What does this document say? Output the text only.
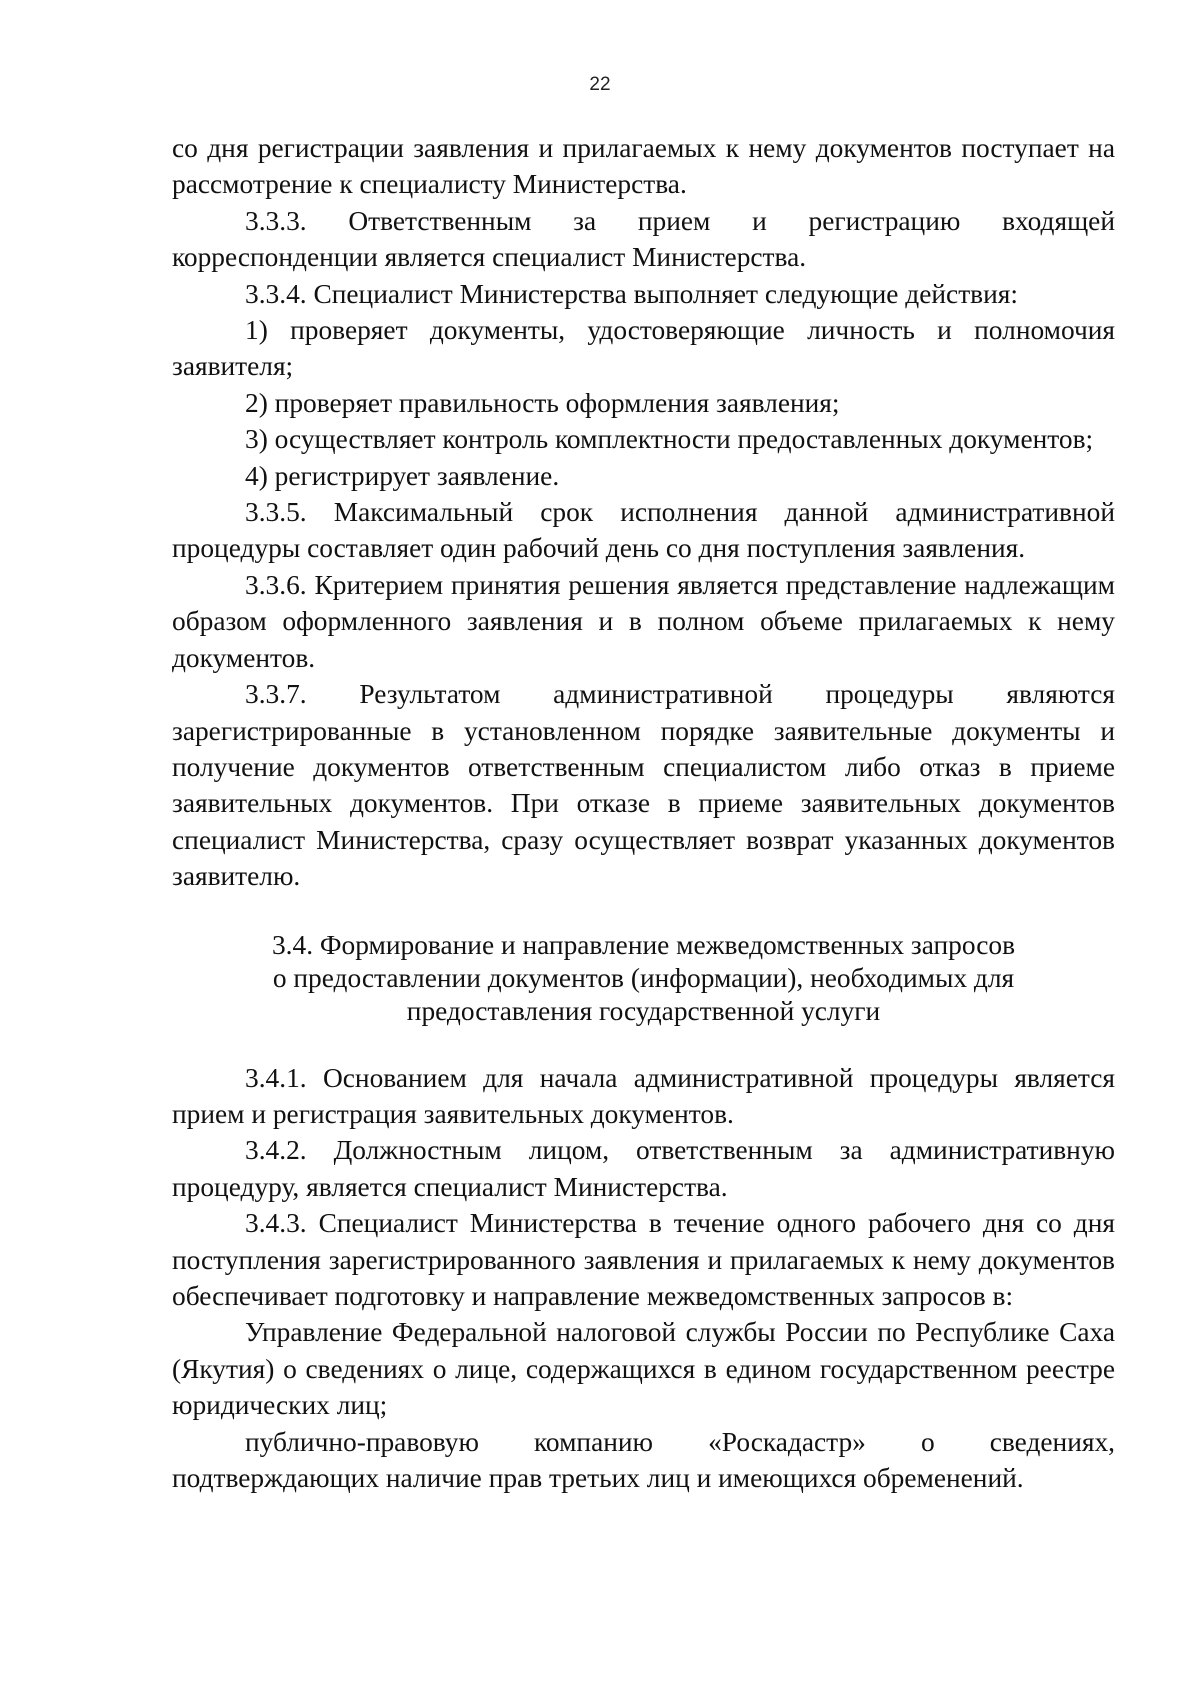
22

со дня регистрации заявления и прилагаемых к нему документов поступает на рассмотрение к специалисту Министерства.

3.3.3. Ответственным за прием и регистрацию входящей корреспонденции является специалист Министерства.

3.3.4. Специалист Министерства выполняет следующие действия:

1) проверяет документы, удостоверяющие личность и полномочия заявителя;

2) проверяет правильность оформления заявления;

3) осуществляет контроль комплектности предоставленных документов;

4) регистрирует заявление.

3.3.5. Максимальный срок исполнения данной административной процедуры составляет один рабочий день со дня поступления заявления.

3.3.6. Критерием принятия решения является представление надлежащим образом оформленного заявления и в полном объеме прилагаемых к нему документов.

3.3.7. Результатом административной процедуры являются зарегистрированные в установленном порядке заявительные документы и получение документов ответственным специалистом либо отказ в приеме заявительных документов. При отказе в приеме заявительных документов специалист Министерства, сразу осуществляет возврат указанных документов заявителю.

3.4. Формирование и направление межведомственных запросов
о предоставлении документов (информации), необходимых для
предоставления государственной услуги

3.4.1. Основанием для начала административной процедуры является прием и регистрация заявительных документов.

3.4.2. Должностным лицом, ответственным за административную процедуру, является специалист Министерства.

3.4.3. Специалист Министерства в течение одного рабочего дня со дня поступления зарегистрированного заявления и прилагаемых к нему документов обеспечивает подготовку и направление межведомственных запросов в:

Управление Федеральной налоговой службы России по Республике Саха (Якутия) о сведениях о лице, содержащихся в едином государственном реестре юридических лиц;

публично-правовую компанию «Роскадастр» о сведениях, подтверждающих наличие прав третьих лиц и имеющихся обременений.
